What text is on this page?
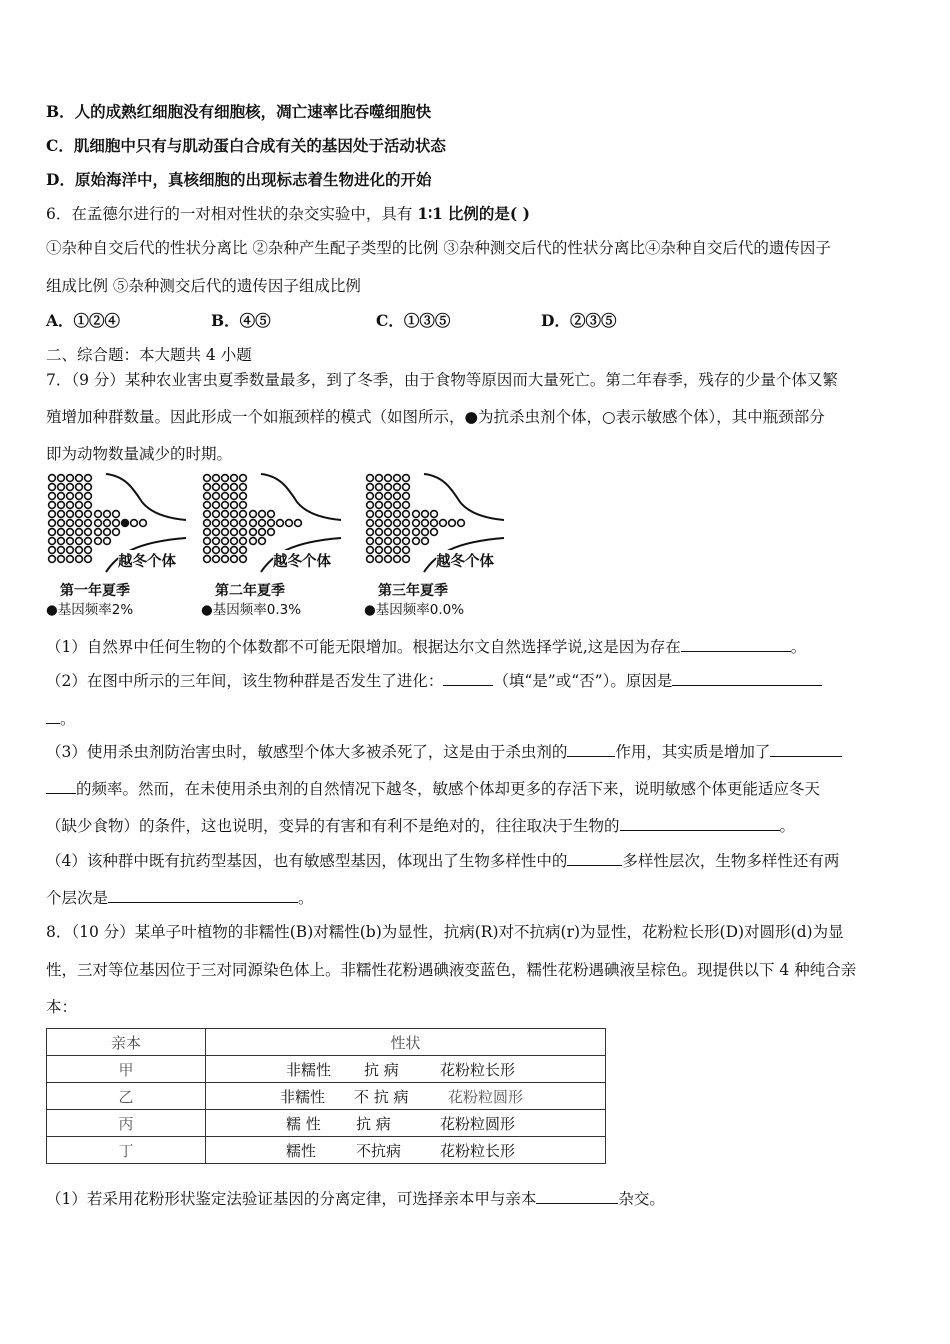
B．人的成熟红细胞没有细胞核，凋亡速率比吞噬细胞快
C．肌细胞中只有与肌动蛋白合成有关的基因处于活动状态
D．原始海洋中，真核细胞的出现标志着生物进化的开始
6．在孟德尔进行的一对相对性状的杂交实验中，具有 1∶1 比例的是( )
①杂种自交后代的性状分离比 ②杂种产生配子类型的比例 ③杂种测交后代的性状分离比④杂种自交后代的遗传因子
组成比例 ⑤杂种测交后代的遗传因子组成比例
A．①②④	B．④⑤	C．①③⑤	D．②③⑤
二、综合题：本大题共 4 小题
7．（9 分）某种农业害虫夏季数量最多，到了冬季，由于食物等原因而大量死亡。第二年春季，残存的少量个体又繁
殖增加种群数量。因此形成一个如瓶颈样的模式（如图所示，●为抗杀虫剂个体，○表示敏感个体），其中瓶颈部分
即为动物数量减少的时期。
越冬个体
第一年夏季
●基因频率2%
越冬个体
第二年夏季
●基因频率0.3%
越冬个体
第三年夏季
●基因频率0.0%
（1）自然界中任何生物的个体数都不可能无限增加。根据达尔文自然选择学说,这是因为存在	。
（2）在图中所示的三年间，该生物种群是否发生了进化：	（填“是”或“否”）。原因是
。
（3）使用杀虫剂防治害虫时，敏感型个体大多被杀死了，这是由于杀虫剂的	作用，其实质是增加了
的频率。然而，在未使用杀虫剂的自然情况下越冬，敏感个体却更多的存活下来，说明敏感个体更能适应冬天
（缺少食物）的条件，这也说明，变异的有害和有利不是绝对的，往往取决于生物的	。
（4）该种群中既有抗药型基因，也有敏感型基因，体现出了生物多样性中的	多样性层次，生物多样性还有两
个层次是	。
8．（10 分）某单子叶植物的非糯性(B)对糯性(b)为显性，抗病(R)对不抗病(r)为显性，花粉粒长形(D)对圆形(d)为显
性，三对等位基因位于三对同源染色体上。非糯性花粉遇碘液变蓝色，糯性花粉遇碘液呈棕色。现提供以下 4 种纯合亲
本：
亲本	性状
甲	非糯性 抗 病 花粉粒长形
乙	非糯性 不 抗 病 花粉粒圆形
丙	糯 性 抗 病 花粉粒圆形
丁	糯性 不抗病 花粉粒长形
（1）若采用花粉形状鉴定法验证基因的分离定律，可选择亲本甲与亲本	杂交。
